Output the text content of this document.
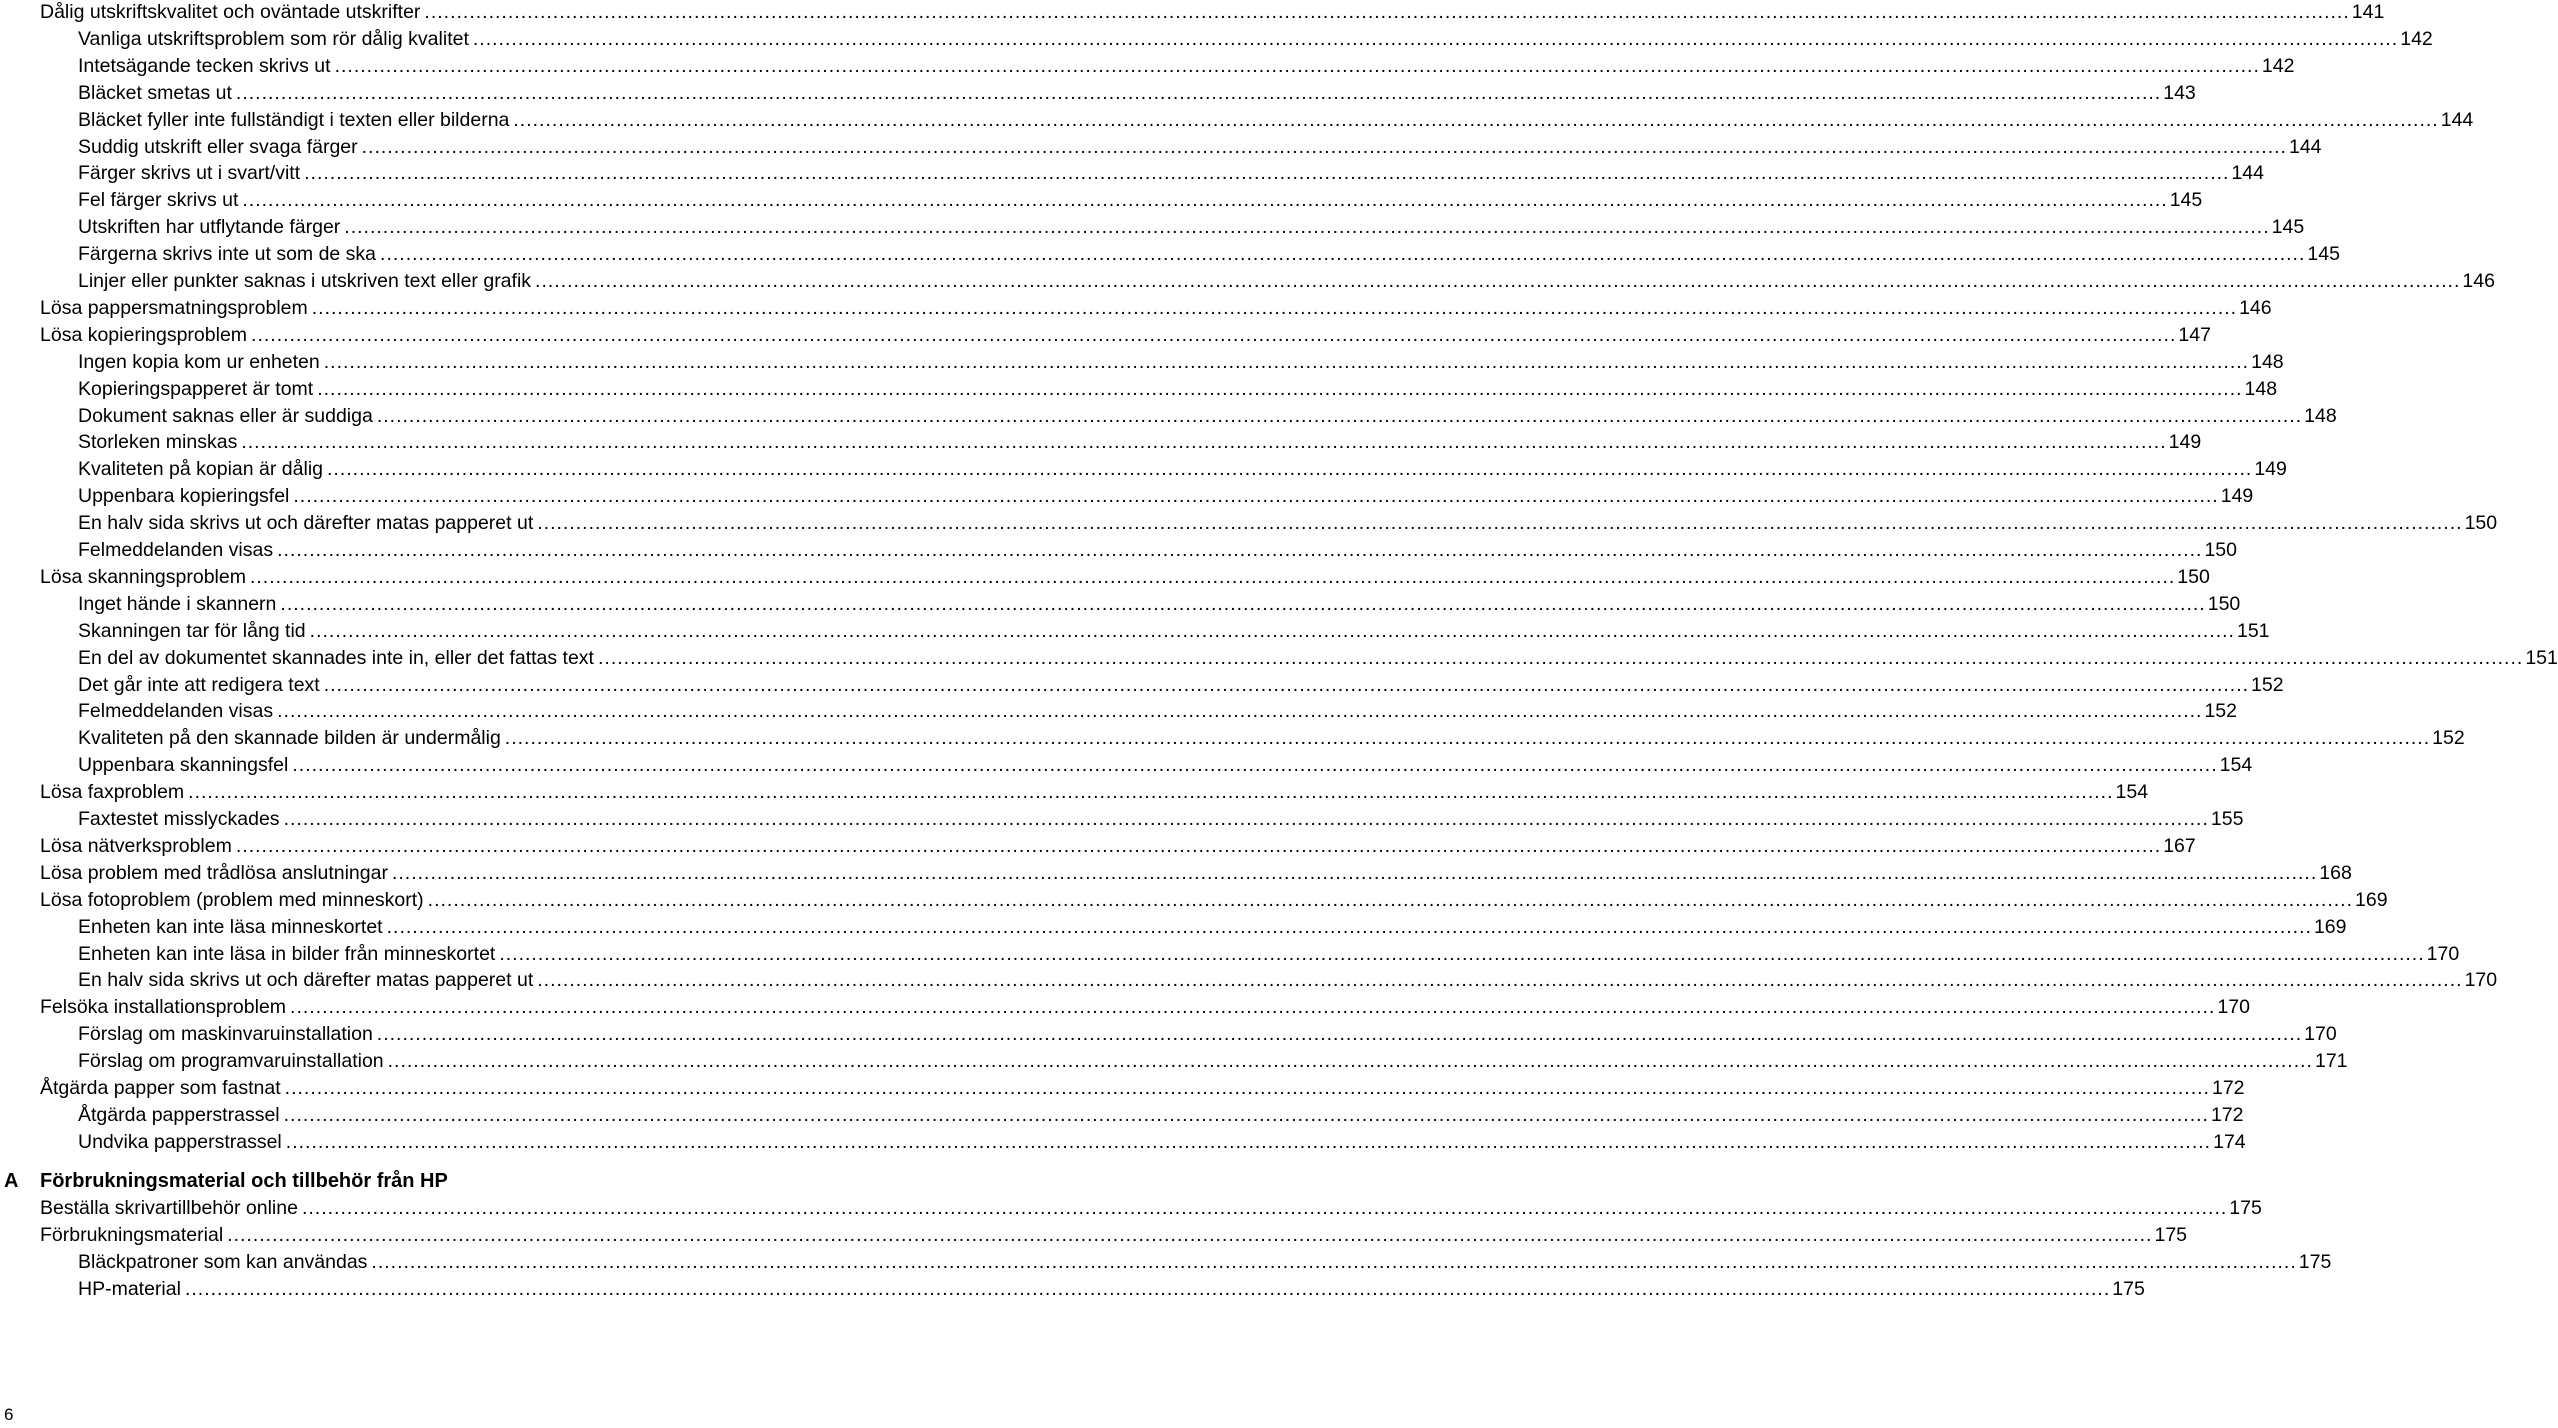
Dålig utskriftskvalitet och oväntade utskrifter ............................................................................................................................................................................................................................................................................................................ 141
Vanliga utskriftsproblem som rör dålig kvalitet ............................................................................................................................................................................................................................................................................................................ 142
Intetsägande tecken skrivs ut ............................................................................................................................................................................................................................................................................................................ 142
Bläcket smetas ut ............................................................................................................................................................................................................................................................................................................ 143
Bläcket fyller inte fullständigt i texten eller bilderna ............................................................................................................................................................................................................................................................................................................ 144
Suddig utskrift eller svaga färger ............................................................................................................................................................................................................................................................................................................ 144
Färger skrivs ut i svart/vitt ............................................................................................................................................................................................................................................................................................................ 144
Fel färger skrivs ut ............................................................................................................................................................................................................................................................................................................ 145
Utskriften har utflytande färger ............................................................................................................................................................................................................................................................................................................ 145
Färgerna skrivs inte ut som de ska ............................................................................................................................................................................................................................................................................................................ 145
Linjer eller punkter saknas i utskriven text eller grafik ............................................................................................................................................................................................................................................................................................................ 146
Lösa pappersmatningsproblem ............................................................................................................................................................................................................................................................................................................ 146
Lösa kopieringsproblem ............................................................................................................................................................................................................................................................................................................ 147
Ingen kopia kom ur enheten ............................................................................................................................................................................................................................................................................................................ 148
Kopieringspapperet är tomt ............................................................................................................................................................................................................................................................................................................ 148
Dokument saknas eller är suddiga ............................................................................................................................................................................................................................................................................................................ 148
Storleken minskas ............................................................................................................................................................................................................................................................................................................ 149
Kvaliteten på kopian är dålig ............................................................................................................................................................................................................................................................................................................ 149
Uppenbara kopieringsfel ............................................................................................................................................................................................................................................................................................................ 149
En halv sida skrivs ut och därefter matas papperet ut ............................................................................................................................................................................................................................................................................................................ 150
Felmeddelanden visas ............................................................................................................................................................................................................................................................................................................ 150
Lösa skanningsproblem ............................................................................................................................................................................................................................................................................................................ 150
Inget hände i skannern ............................................................................................................................................................................................................................................................................................................ 150
Skanningen tar för lång tid ............................................................................................................................................................................................................................................................................................................ 151
En del av dokumentet skannades inte in, eller det fattas text ............................................................................................................................................................................................................................................................................................................ 151
Det går inte att redigera text ............................................................................................................................................................................................................................................................................................................ 152
Felmeddelanden visas ............................................................................................................................................................................................................................................................................................................ 152
Kvaliteten på den skannade bilden är undermålig ............................................................................................................................................................................................................................................................................................................ 152
Uppenbara skanningsfel ............................................................................................................................................................................................................................................................................................................ 154
Lösa faxproblem ............................................................................................................................................................................................................................................................................................................ 154
Faxtestet misslyckades ............................................................................................................................................................................................................................................................................................................ 155
Lösa nätverksproblem ............................................................................................................................................................................................................................................................................................................ 167
Lösa problem med trådlösa anslutningar ............................................................................................................................................................................................................................................................................................................ 168
Lösa fotoproblem (problem med minneskort) ............................................................................................................................................................................................................................................................................................................ 169
Enheten kan inte läsa minneskortet ............................................................................................................................................................................................................................................................................................................ 169
Enheten kan inte läsa in bilder från minneskortet ............................................................................................................................................................................................................................................................................................................ 170
En halv sida skrivs ut och därefter matas papperet ut ............................................................................................................................................................................................................................................................................................................ 170
Felsöka installationsproblem ............................................................................................................................................................................................................................................................................................................ 170
Förslag om maskinvaruinstallation ............................................................................................................................................................................................................................................................................................................ 170
Förslag om programvaruinstallation ............................................................................................................................................................................................................................................................................................................ 171
Åtgärda papper som fastnat ............................................................................................................................................................................................................................................................................................................ 172
Åtgärda papperstrassel ............................................................................................................................................................................................................................................................................................................ 172
Undvika papperstrassel ............................................................................................................................................................................................................................................................................................................ 174
Beställa skrivartillbehör online ............................................................................................................................................................................................................................................................................................................ 175
Förbrukningsmaterial ............................................................................................................................................................................................................................................................................................................ 175
Bläckpatroner som kan användas ............................................................................................................................................................................................................................................................................................................ 175
HP-material ............................................................................................................................................................................................................................................................................................................ 175
A Förbrukningsmaterial och tillbehör från HP
6
